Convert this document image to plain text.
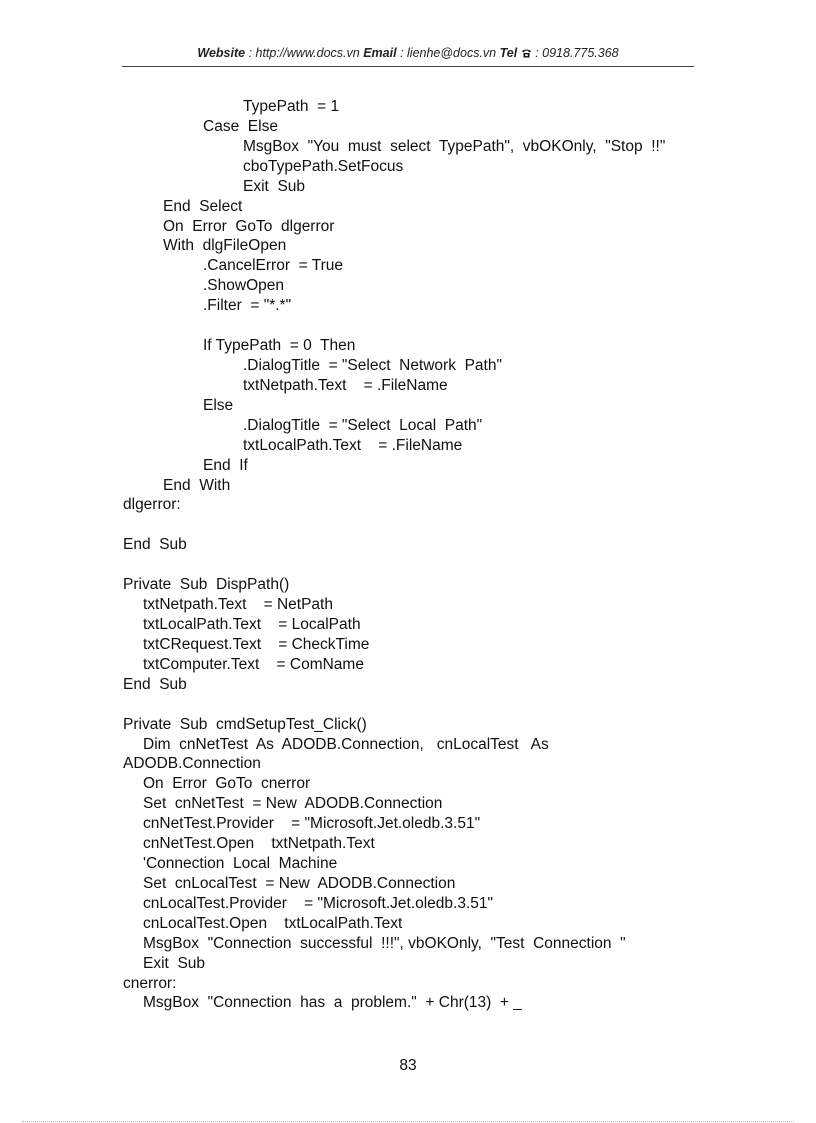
Website : http://www.docs.vn Email : lienhe@docs.vn Tel : 0918.775.368
TypePath  = 1
Case  Else
MsgBox  "You  must  select  TypePath",  vbOKOnly,  "Stop  !!"
cboTypePath.SetFocus
Exit  Sub
End  Select
On  Error  GoTo  dlgerror
With  dlgFileOpen
.CancelError  = True
.ShowOpen
.Filter  = "*.*"
If TypePath  = 0  Then
.DialogTitle  = "Select  Network  Path"
txtNetpath.Text    = .FileName
Else
.DialogTitle  = "Select  Local  Path"
txtLocalPath.Text    = .FileName
End  If
End  With
dlgerror:
End  Sub
Private  Sub  DispPath()
txtNetpath.Text    = NetPath
txtLocalPath.Text    = LocalPath
txtCRequest.Text    = CheckTime
txtComputer.Text    = ComName
End  Sub
Private  Sub  cmdSetupTest_Click()
Dim  cnNetTest  As  ADODB.Connection,   cnLocalTest   As
ADODB.Connection
On  Error  GoTo  cnerror
Set  cnNetTest  = New  ADODB.Connection
cnNetTest.Provider    = "Microsoft.Jet.oledb.3.51"
cnNetTest.Open    txtNetpath.Text
'Connection  Local  Machine
Set  cnLocalTest  = New  ADODB.Connection
cnLocalTest.Provider    = "Microsoft.Jet.oledb.3.51"
cnLocalTest.Open    txtLocalPath.Text
MsgBox  "Connection  successful  !!!", vbOKOnly,  "Test  Connection  "
Exit  Sub
cnerror:
MsgBox  "Connection  has  a  problem."  + Chr(13)  + _
83
